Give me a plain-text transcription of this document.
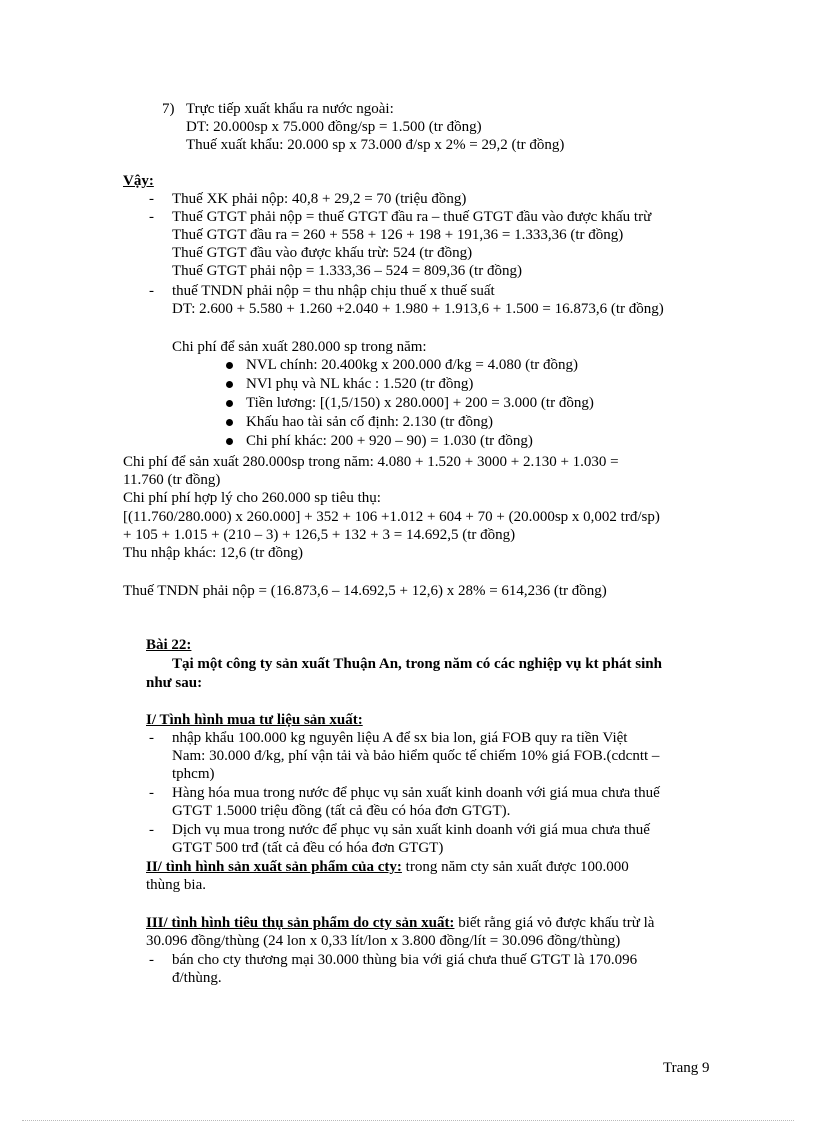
7) Trực tiếp xuất khẩu ra nước ngoài:
DT: 20.000sp x 75.000 đồng/sp = 1.500 (tr đồng)
Thuế xuất khẩu: 20.000 sp x 73.000 đ/sp x 2% = 29,2 (tr đồng)
Vậy:
- Thuế XK phải nộp: 40,8 + 29,2 = 70 (triệu đồng)
- Thuế GTGT phải nộp = thuế GTGT đầu ra – thuế GTGT đầu vào được khấu trừ
Thuế GTGT đầu ra = 260 + 558 + 126 + 198 + 191,36 = 1.333,36 (tr đồng)
Thuế GTGT đầu vào được khấu trừ: 524 (tr đồng)
Thuế GTGT phải nộp = 1.333,36 – 524 = 809,36 (tr đồng)
- thuế TNDN phải nộp = thu nhập chịu thuế x thuế suất
DT: 2.600 + 5.580 + 1.260 +2.040 + 1.980 + 1.913,6 + 1.500 = 16.873,6 (tr đồng)
Chi phí để sản xuất 280.000 sp trong năm:
NVL chính: 20.400kg x 200.000 đ/kg = 4.080 (tr đồng)
NVl phụ và NL khác : 1.520 (tr đồng)
Tiền lương: [(1,5/150) x 280.000] + 200 = 3.000 (tr đồng)
Khấu hao tài sản cố định: 2.130 (tr đồng)
Chi phí khác: 200 + 920 – 90) = 1.030 (tr đồng)
Chi phí để sản xuất 280.000sp trong năm: 4.080 + 1.520 + 3000 + 2.130 + 1.030 =
11.760 (tr đồng)
Chi phí phí hợp lý cho 260.000 sp tiêu thụ:
[(11.760/280.000) x 260.000] + 352 + 106 +1.012 + 604 + 70 + (20.000sp x 0,002 trđ/sp)
+ 105 + 1.015 + (210 – 3) + 126,5 + 132 + 3 = 14.692,5 (tr đồng)
Thu nhập khác: 12,6 (tr đồng)
Thuế TNDN phải nộp = (16.873,6 – 14.692,5 + 12,6) x 28% = 614,236 (tr đồng)
Bài 22:
Tại một công ty sản xuất Thuận An, trong năm có các nghiệp vụ kt phát sinh
như sau:
I/ Tình hình mua tư liệu sản xuất:
- nhập khẩu 100.000 kg nguyên liệu A để sx bia lon, giá FOB quy ra tiền Việt
Nam: 30.000 đ/kg, phí vận tải và bảo hiểm quốc tế chiếm 10% giá FOB.(cdcntt –
tphcm)
- Hàng hóa mua trong nước để phục vụ sản xuất kinh doanh với giá mua chưa thuế
GTGT 1.5000 triệu đồng (tất cả đều có hóa đơn GTGT).
- Dịch vụ mua trong nước để phục vụ sản xuất kinh doanh với giá mua chưa thuế
GTGT 500 trđ (tất cả đều có hóa đơn GTGT)
II/ tình hình sản xuất sản phẩm của cty: trong năm cty sản xuất được 100.000
thùng bia.
III/ tình hình tiêu thụ sản phẩm do cty sản xuất: biết rằng giá vỏ được khấu trừ là
30.096 đồng/thùng (24 lon x 0,33 lít/lon x 3.800 đồng/lít = 30.096 đồng/thùng)
- bán cho cty thương mại 30.000 thùng bia với giá chưa thuế GTGT là 170.096
đ/thùng.
Trang 9
